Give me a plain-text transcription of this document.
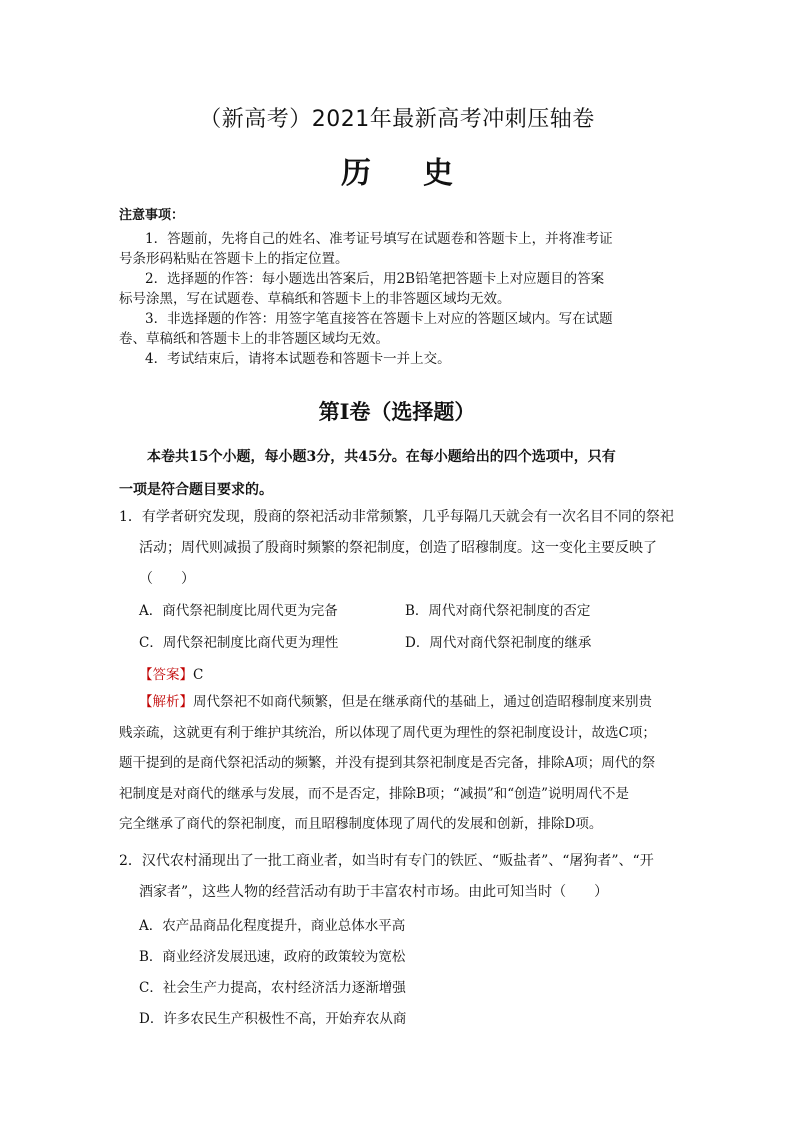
（新高考）2021年最新高考冲刺压轴卷
历史
注意事项：
1．答题前，先将自己的姓名、准考证号填写在试题卷和答题卡上，并将准考证
号条形码粘贴在答题卡上的指定位置。
2．选择题的作答：每小题选出答案后，用2B铅笔把答题卡上对应题目的答案
标号涂黑，写在试题卷、草稿纸和答题卡上的非答题区域均无效。
3．非选择题的作答：用签字笔直接答在答题卡上对应的答题区域内。写在试题
卷、草稿纸和答题卡上的非答题区域均无效。
4．考试结束后，请将本试题卷和答题卡一并上交。
第Ⅰ卷（选择题）
本卷共15个小题，每小题3分，共45分。在每小题给出的四个选项中，只有
一项是符合题目要求的。
1．有学者研究发现，殷商的祭祀活动非常频繁，几乎每隔几天就会有一次名目不同的祭祀
活动；周代则减损了殷商时频繁的祭祀制度，创造了昭穆制度。这一变化主要反映了
（　　）
A．商代祭祀制度比周代更为完备	B．周代对商代祭祀制度的否定
C．周代祭祀制度比商代更为理性	D．周代对商代祭祀制度的继承
【答案】C
【解析】周代祭祀不如商代频繁，但是在继承商代的基础上，通过创造昭穆制度来别贵
贱亲疏，这就更有利于维护其统治，所以体现了周代更为理性的祭祀制度设计，故选C项；
题干提到的是商代祭祀活动的频繁，并没有提到其祭祀制度是否完备，排除A项；周代的祭
祀制度是对商代的继承与发展，而不是否定，排除B项；“减损”和“创造”说明周代不是
完全继承了商代的祭祀制度，而且昭穆制度体现了周代的发展和创新，排除D项。
2．汉代农村涌现出了一批工商业者，如当时有专门的铁匠、“贩盐者”、“屠狗者”、“开
酒家者”，这些人物的经营活动有助于丰富农村市场。由此可知当时（　　）
A．农产品商品化程度提升，商业总体水平高
B．商业经济发展迅速，政府的政策较为宽松
C．社会生产力提高，农村经济活力逐渐增强
D．许多农民生产积极性不高，开始弃农从商
